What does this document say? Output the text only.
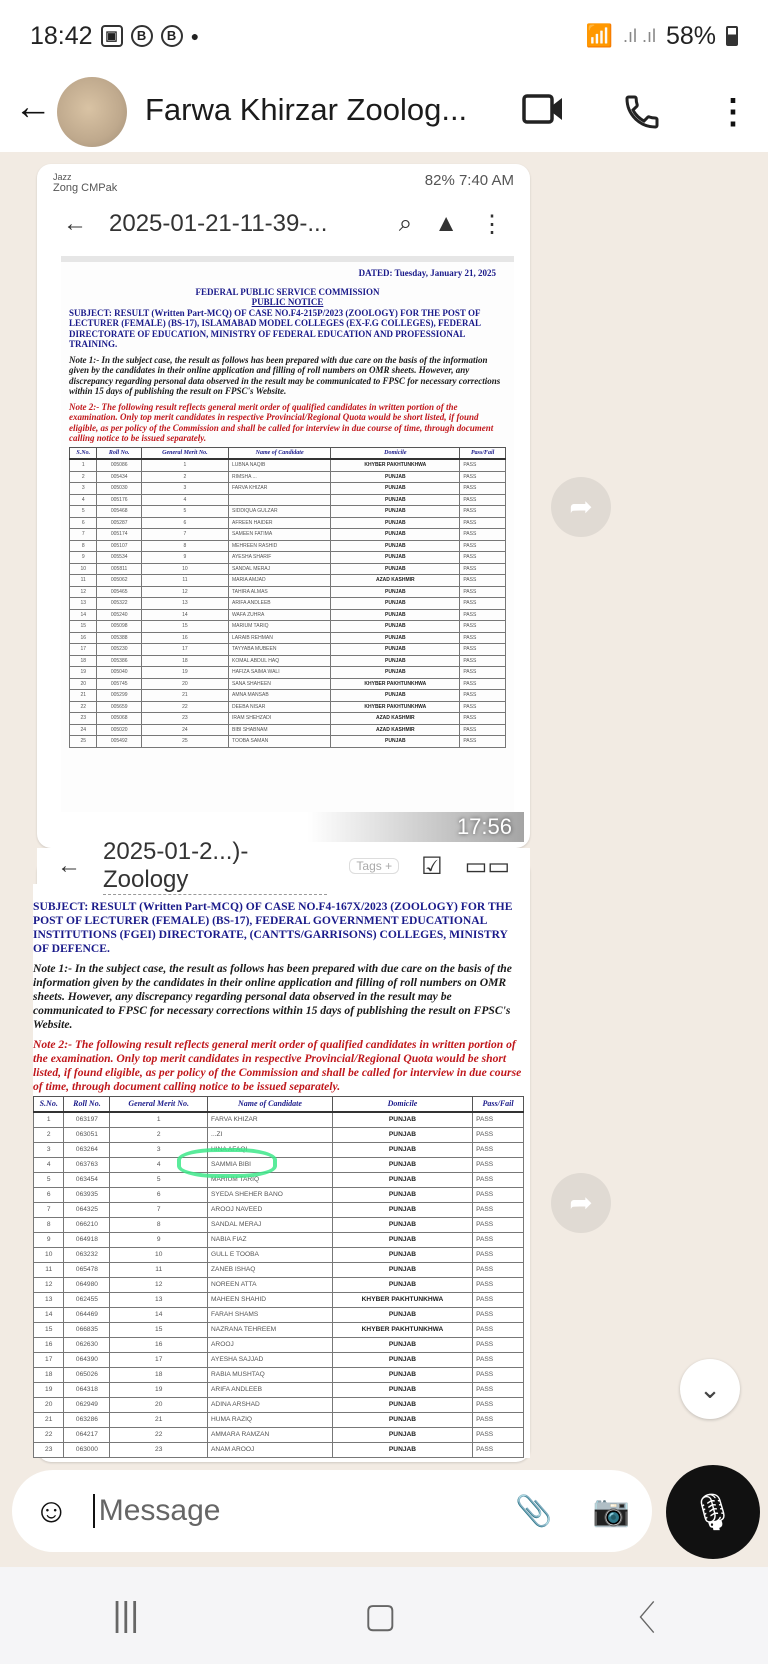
18:42 ▣	B	B	●	📶 .ıl .ıl 58%
←	Farwa Khirzar Zoolog...	⋮
Jazz
Zong CMPak	82% 7:40 AM
← 2025-01-21-11-39-...	⌕ ▲ ⋮
DATED: Tuesday, January 21, 2025
FEDERAL PUBLIC SERVICE COMMISSION
PUBLIC NOTICE
SUBJECT: RESULT (Written Part-MCQ) OF CASE NO.F4-215P/2023 (ZOOLOGY) FOR THE POST OF LECTURER (FEMALE) (BS-17), ISLAMABAD MODEL COLLEGES (EX-F.G COLLEGES), FEDERAL DIRECTORATE OF EDUCATION, MINISTRY OF FEDERAL EDUCATION AND PROFESSIONAL TRAINING.
Note 1:- In the subject case, the result as follows has been prepared with due care on the basis of the information given by the candidates in their online application and filling of roll numbers on OMR sheets. However, any discrepancy regarding personal data observed in the result may be communicated to FPSC for necessary corrections within 15 days of publishing the result on FPSC's Website.
Note 2:- The following result reflects general merit order of qualified candidates in written portion of the examination. Only top merit candidates in respective Provincial/Regional Quota would be short listed, if found eligible, as per policy of the Commission and shall be called for interview in due course of time, through document calling notice to be issued separately.
S.No.	Roll No.	General Merit No.	Name of Candidate	Domicile	Pass/Fail
1	005086	1	LUBNA NAQIB	KHYBER PAKHTUNKHWA	PASS
2	005434	2	RIMSHA ...	PUNJAB	PASS
3	005030	3	FARVA KHIZAR	PUNJAB	PASS
4	005176	4		PUNJAB	PASS
5	005468	5	SIDDIQUA GULZAR	PUNJAB	PASS
6	005287	6	AFREEN HAIDER	PUNJAB	PASS
7	005174	7	SAMEEN FATIMA	PUNJAB	PASS
8	005107	8	MEHREEN RASHID	PUNJAB	PASS
9	005534	9	AYESHA SHARIF	PUNJAB	PASS
10	005811	10	SANDAL MERAJ	PUNJAB	PASS
11	005062	11	MARIA AMJAD	AZAD KASHMIR	PASS
12	005465	12	TAHIRA ALMAS	PUNJAB	PASS
13	005322	13	ARIFA ANDLEEB	PUNJAB	PASS
14	005240	14	WAFA ZUHRA	PUNJAB	PASS
15	005098	15	MARIUM TARIQ	PUNJAB	PASS
16	005388	16	LARAIB REHMAN	PUNJAB	PASS
17	005230	17	TAYYABA MUBEEN	PUNJAB	PASS
18	005386	18	KOMAL ABDUL HAQ	PUNJAB	PASS
19	005040	19	HAFIZA SAIMA WALI	PUNJAB	PASS
20	005745	20	SANA SHAHEEN	KHYBER PAKHTUNKHWA	PASS
21	005299	21	AMNA MANSAB	PUNJAB	PASS
22	005659	22	DEEBA NISAR	KHYBER PAKHTUNKHWA	PASS
23	005068	23	IRAM SHEHZADI	AZAD KASHMIR	PASS
24	005020	24	BIBI SHABNAM	AZAD KASHMIR	PASS
25	005492	25	TOOBA SAMAN	PUNJAB	PASS
17:56
←
2025-01-2...)-Zoology	Tags + ☑ ▭▭
SUBJECT: RESULT (Written Part-MCQ) OF CASE NO.F4-167X/2023 (ZOOLOGY) FOR THE POST OF LECTURER (FEMALE) (BS-17), FEDERAL GOVERNMENT EDUCATIONAL INSTITUTIONS (FGEI) DIRECTORATE, (CANTTS/GARRISONS) COLLEGES, MINISTRY OF DEFENCE.
Note 1:- In the subject case, the result as follows has been prepared with due care on the basis of the information given by the candidates in their online application and filling of roll numbers on OMR sheets. However, any discrepancy regarding personal data observed in the result may be communicated to FPSC for necessary corrections within 15 days of publishing the result on FPSC's Website.
Note 2:- The following result reflects general merit order of qualified candidates in written portion of the examination. Only top merit candidates in respective Provincial/Regional Quota would be short listed, if found eligible, as per policy of the Commission and shall be called for interview in due course of time, through document calling notice to be issued separately.
S.No.	Roll No.	General Merit No.	Name of Candidate	Domicile	Pass/Fail
1	063197	1	FARVA KHIZAR	PUNJAB	PASS
2	063051	2	...ZI	PUNJAB	PASS
3	063264	3	HINA AFAQI	PUNJAB	PASS
4	063763	4	SAMMIA BIBI	PUNJAB	PASS
5	063454	5	MARIUM TARIQ	PUNJAB	PASS
6	063935	6	SYEDA SHEHER BANO	PUNJAB	PASS
7	064325	7	AROOJ NAVEED	PUNJAB	PASS
8	066210	8	SANDAL MERAJ	PUNJAB	PASS
9	064918	9	NABIA FIAZ	PUNJAB	PASS
10	063232	10	GULL E TOOBA	PUNJAB	PASS
11	065478	11	ZANEB ISHAQ	PUNJAB	PASS
12	064980	12	NOREEN ATTA	PUNJAB	PASS
13	062455	13	MAHEEN SHAHID	KHYBER PAKHTUNKHWA	PASS
14	064469	14	FARAH SHAMS	PUNJAB	PASS
15	066835	15	NAZRANA TEHREEM	KHYBER PAKHTUNKHWA	PASS
16	062630	16	AROOJ	PUNJAB	PASS
17	064390	17	AYESHA SAJJAD	PUNJAB	PASS
18	065026	18	RABIA MUSHTAQ	PUNJAB	PASS
19	064318	19	ARIFA ANDLEEB	PUNJAB	PASS
20	062949	20	ADINA ARSHAD	PUNJAB	PASS
21	063286	21	HUMA RAZIQ	PUNJAB	PASS
22	064217	22	AMMARA RAMZAN	PUNJAB	PASS
23	063000	23	ANAM AROOJ	PUNJAB	PASS
➦
➦
⌄
☺ Message	📎 📷	🎙
|||	▢	〈
